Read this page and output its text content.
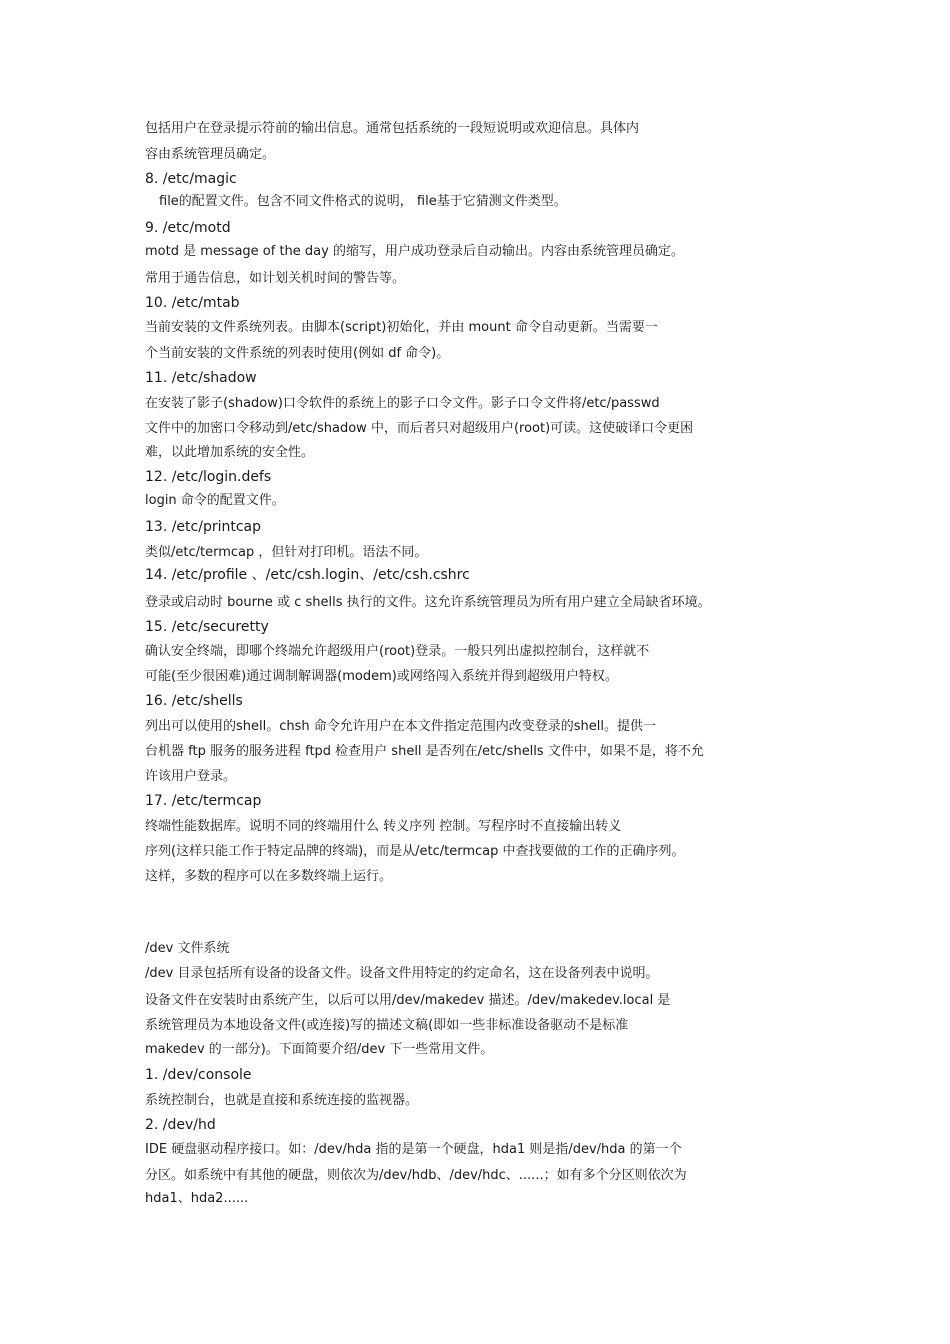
包括用户在登录提示符前的输出信息。通常包括系统的一段短说明或欢迎信息。具体内
容由系统管理员确定。
8. /etc/magic
file的配置文件。包含不同文件格式的说明， file基于它猜测文件类型。
9. /etc/motd
motd 是 message of the day 的缩写，用户成功登录后自动输出。内容由系统管理员确定。
常用于通告信息，如计划关机时间的警告等。
10. /etc/mtab
当前安装的文件系统列表。由脚本(script)初始化，并由 mount 命令自动更新。当需要一
个当前安装的文件系统的列表时使用(例如 df 命令)。
11. /etc/shadow
在安装了影子(shadow)口令软件的系统上的影子口令文件。影子口令文件将/etc/passwd
文件中的加密口令移动到/etc/shadow 中，而后者只对超级用户(root)可读。这使破译口令更困
难，以此增加系统的安全性。
12. /etc/login.defs
login 命令的配置文件。
13. /etc/printcap
类似/etc/termcap ，但针对打印机。语法不同。
14. /etc/profile 、/etc/csh.login、/etc/csh.cshrc
登录或启动时 bourne 或 c shells 执行的文件。这允许系统管理员为所有用户建立全局缺省环境。
15. /etc/securetty
确认安全终端，即哪个终端允许超级用户(root)登录。一般只列出虚拟控制台，这样就不
可能(至少很困难)通过调制解调器(modem)或网络闯入系统并得到超级用户特权。
16. /etc/shells
列出可以使用的shell。chsh 命令允许用户在本文件指定范围内改变登录的shell。提供一
台机器 ftp 服务的服务进程 ftpd 检查用户 shell 是否列在/etc/shells 文件中，如果不是，将不允
许该用户登录。
17. /etc/termcap
终端性能数据库。说明不同的终端用什么 转义序列 控制。写程序时不直接输出转义
序列(这样只能工作于特定品牌的终端)，而是从/etc/termcap 中查找要做的工作的正确序列。
这样，多数的程序可以在多数终端上运行。
/dev 文件系统
/dev 目录包括所有设备的设备文件。设备文件用特定的约定命名，这在设备列表中说明。
设备文件在安装时由系统产生，以后可以用/dev/makedev 描述。/dev/makedev.local 是
系统管理员为本地设备文件(或连接)写的描述文稿(即如一些非标准设备驱动不是标准
makedev 的一部分)。下面简要介绍/dev 下一些常用文件。
1. /dev/console
系统控制台，也就是直接和系统连接的监视器。
2. /dev/hd
IDE 硬盘驱动程序接口。如：/dev/hda 指的是第一个硬盘，hda1 则是指/dev/hda 的第一个
分区。如系统中有其他的硬盘，则依次为/dev/hdb、/dev/hdc、......；如有多个分区则依次为
hda1、hda2......
